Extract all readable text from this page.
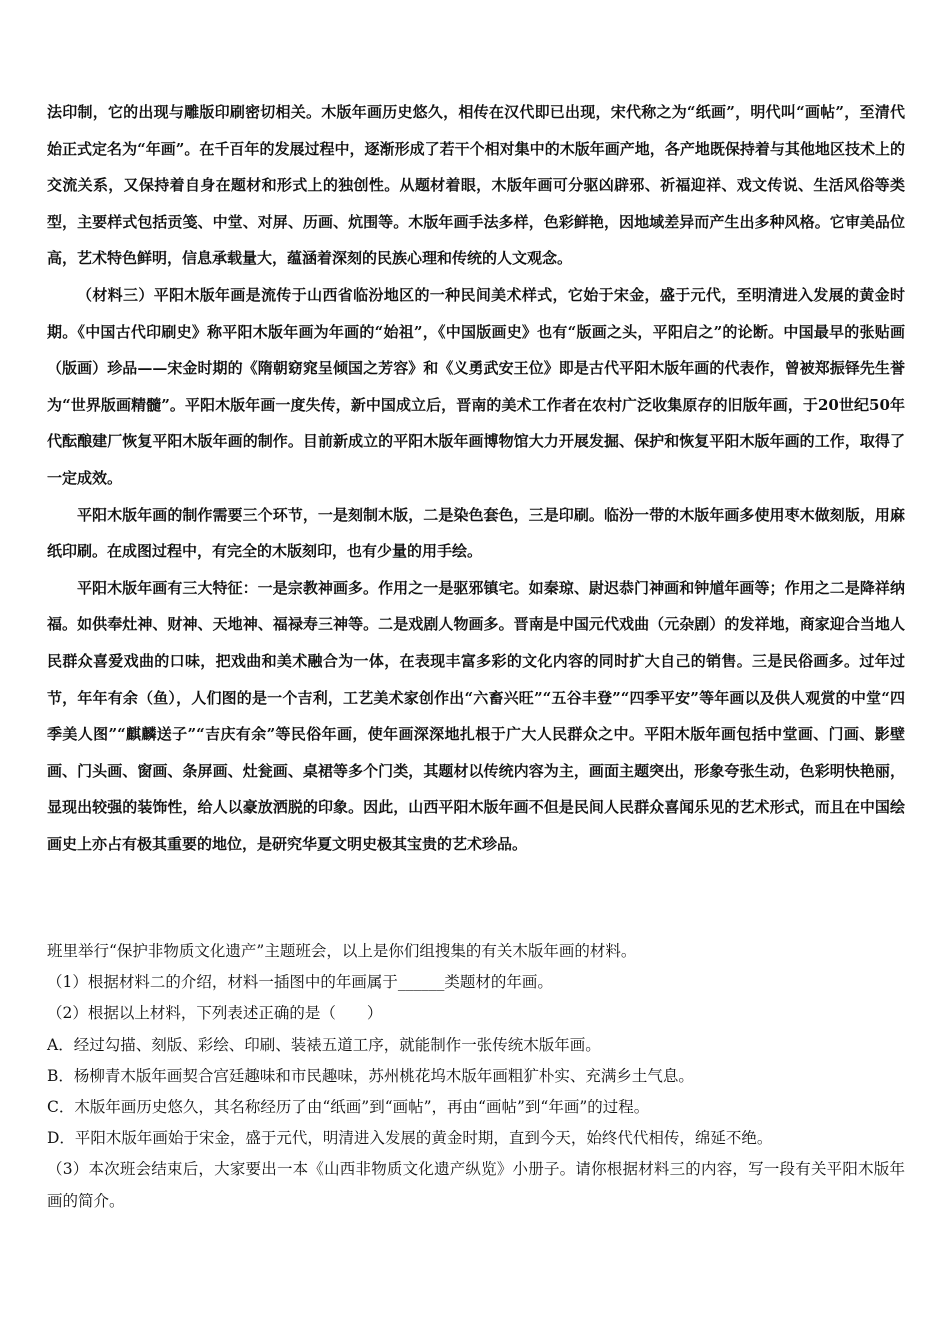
法印制，它的出现与雕版印刷密切相关。木版年画历史悠久，相传在汉代即已出现，宋代称之为“纸画”，明代叫“画帖”，至清代始正式定名为“年画”。在千百年的发展过程中，逐渐形成了若干个相对集中的木版年画产地，各产地既保持着与其他地区技术上的交流关系，又保持着自身在题材和形式上的独创性。从题材着眼，木版年画可分驱凶辟邪、祈福迎祥、戏文传说、生活风俗等类型，主要样式包括贡笺、中堂、对屏、历画、炕围等。木版年画手法多样，色彩鲜艳，因地域差异而产生出多种风格。它审美品位高，艺术特色鲜明，信息承载量大，蕴涵着深刻的民族心理和传统的人文观念。

（材料三）平阳木版年画是流传于山西省临汾地区的一种民间美术样式，它始于宋金，盛于元代，至明清进入发展的黄金时期。《中国古代印刷史》称平阳木版年画为年画的“始祖”，《中国版画史》也有“版画之头，平阳启之”的论断。中国最早的张贴画（版画）珍品——宋金时期的《隋朝窈窕呈倾国之芳容》和《义勇武安王位》即是古代平阳木版年画的代表作，曾被郑振铎先生誉为“世界版画精髓”。平阳木版年画一度失传，新中国成立后，晋南的美术工作者在农村广泛收集原存的旧版年画，于20世纪50年代酝酿建厂恢复平阳木版年画的制作。目前新成立的平阳木版年画博物馆大力开展发掘、保护和恢复平阳木版年画的工作，取得了一定成效。

平阳木版年画的制作需要三个环节，一是刻制木版，二是染色套色，三是印刷。临汾一带的木版年画多使用枣木做刻版，用麻纸印刷。在成图过程中，有完全的木版刻印，也有少量的用手绘。

平阳木版年画有三大特征：一是宗教神画多。作用之一是驱邪镇宅。如秦琼、尉迟恭门神画和钟馗年画等；作用之二是降祥纳福。如供奉灶神、财神、天地神、福禄寿三神等。二是戏剧人物画多。晋南是中国元代戏曲（元杂剧）的发祥地，商家迎合当地人民群众喜爱戏曲的口味，把戏曲和美术融合为一体，在表现丰富多彩的文化内容的同时扩大自己的销售。三是民俗画多。过年过节，年年有余（鱼），人们图的是一个吉利，工艺美术家创作出“六畜兴旺”“五谷丰登”“四季平安”等年画以及供人观赏的中堂“四季美人图”“麒麟送子”“吉庆有余”等民俗年画，使年画深深地扎根于广大人民群众之中。平阳木版年画包括中堂画、门画、影壁画、门头画、窗画、条屏画、灶瓮画、桌裙等多个门类，其题材以传统内容为主，画面主题突出，形象夸张生动，色彩明快艳丽，显现出较强的装饰性，给人以豪放洒脱的印象。因此，山西平阳木版年画不但是民间人民群众喜闻乐见的艺术形式，而且在中国绘画史上亦占有极其重要的地位，是研究华夏文明史极其宝贵的艺术珍品。

班里举行“保护非物质文化遗产”主题班会，以上是你们组搜集的有关木版年画的材料。

（1）根据材料二的介绍，材料一插图中的年画属于______类题材的年画。

（2）根据以上材料，下列表述正确的是（　　）

A．经过勾描、刻版、彩绘、印刷、装裱五道工序，就能制作一张传统木版年画。

B．杨柳青木版年画契合宫廷趣味和市民趣味，苏州桃花坞木版年画粗犷朴实、充满乡土气息。

C．木版年画历史悠久，其名称经历了由“纸画”到“画帖”，再由“画帖”到“年画”的过程。

D．平阳木版年画始于宋金，盛于元代，明清进入发展的黄金时期，直到今天，始终代代相传，绵延不绝。

（3）本次班会结束后，大家要出一本《山西非物质文化遗产纵览》小册子。请你根据材料三的内容，写一段有关平阳木版年画的简介。
